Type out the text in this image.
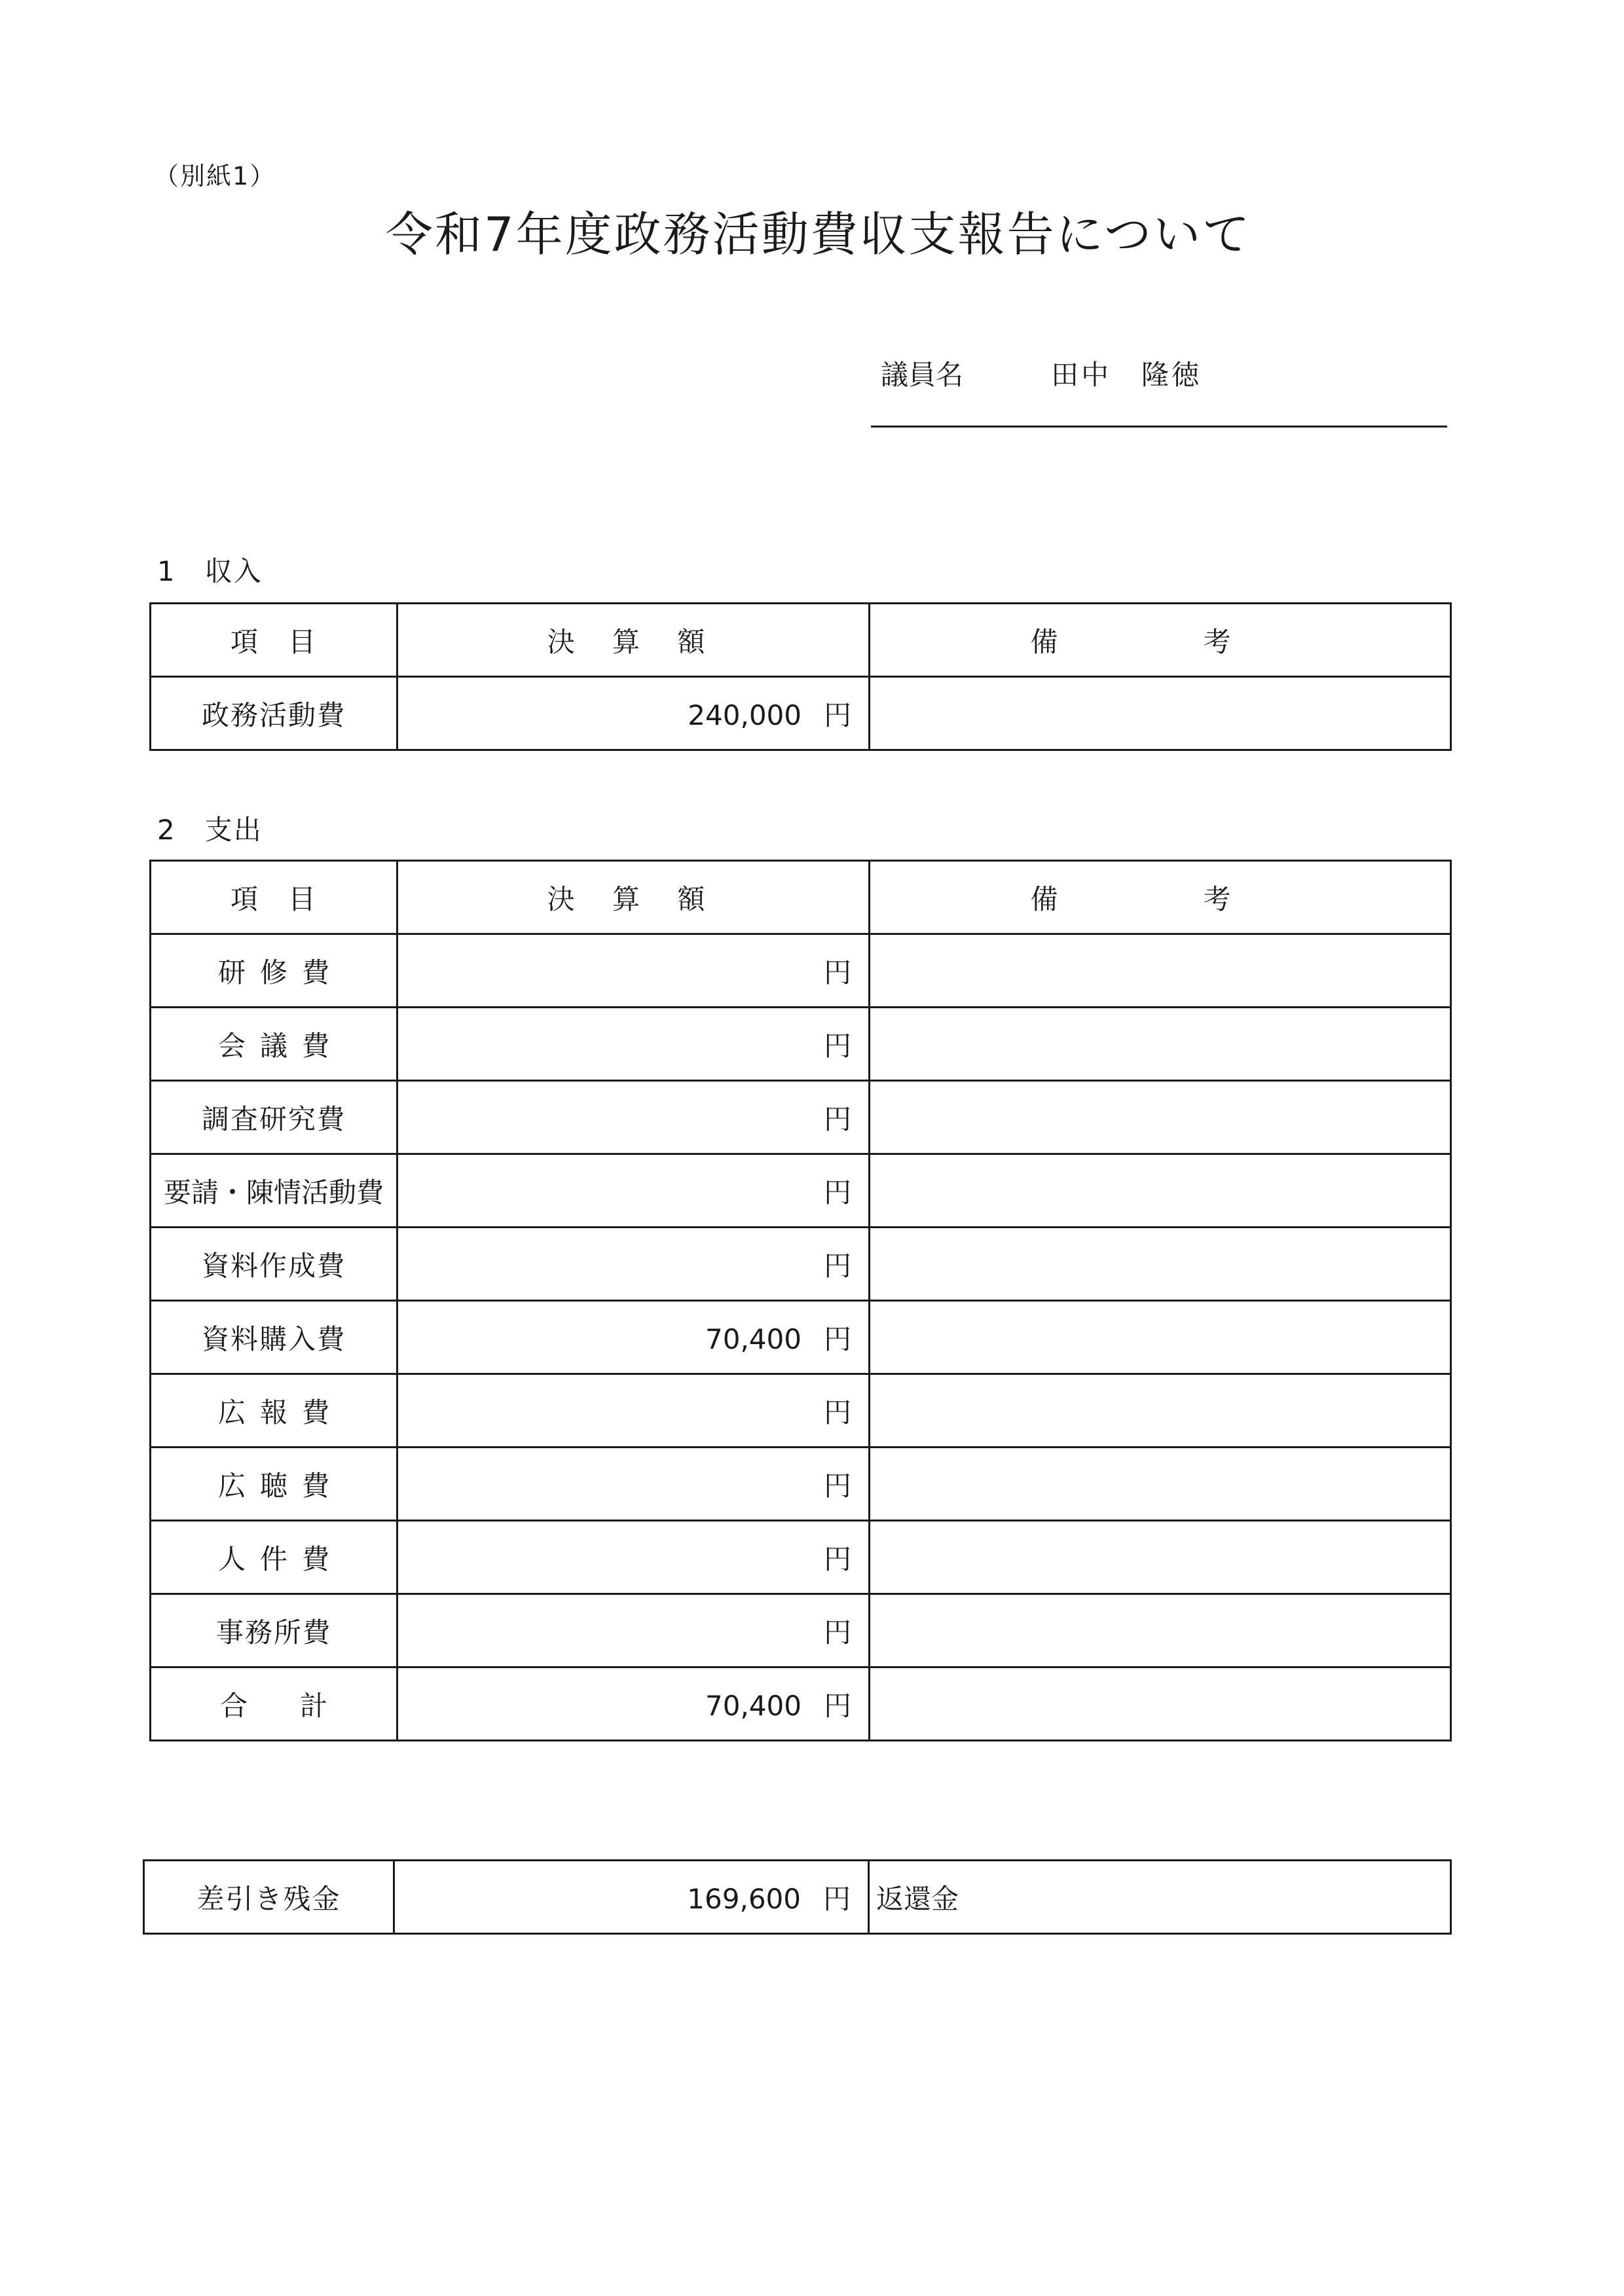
（別紙1）
令和7年度政務活動費収支報告について
議員名	田中　隆徳
1　収入
項　目	決 算 額	備　考
政務活動費	240,000 円	
2　支出
項　目	決 算 額	備　考
研修費	円	
会議費	円	
調査研究費	円	
要請・陳情活動費	円	
資料作成費	円	
資料購入費	70,400 円	
広報費	円	
広聴費	円	
人件費	円	
事務所費	円	
合計	70,400 円	
差引き残金	169,600 円	返還金
